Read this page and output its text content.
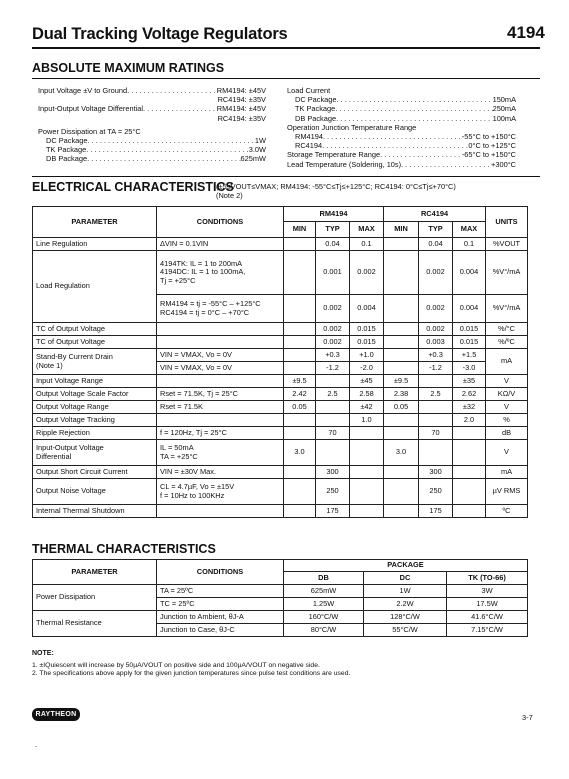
Dual Tracking Voltage Regulators	4194
ABSOLUTE MAXIMUM RATINGS
Input Voltage ±V to Ground . . .	RM4194: ±45V
RC4194: ±35V
Input-Output Voltage Differential . . .	RM4194: ±45V
RC4194: ±35V
Power Dissipation at TA = 25°C
DC Package . . .	1W
TK Package . . .	3.0W
DB Package . . .	625mW
Load Current
DC Package . . .	150mA
TK Package . . .	250mA
DB Package . . .	100mA
Operation Junction Temperature Range
RM4194 . . .	-55°C to +150°C
RC4194 . . .	0°C to +125°C
Storage Temperature Range . . .	-65°C to +150°C
Lead Temperature (Soldering, 10s) . . .	+300°C
ELECTRICAL CHARACTERISTICS
(±5≤VOUT≤VMAX; RM4194: -55°C≤Tj≤+125°C; RC4194: 0°C≤Tj≤+70°C)
(Note 2)
PARAMETER	CONDITIONS	RM4194			RC4194			UNITS
		MIN	TYP	MAX	MIN	TYP	MAX	
Line Regulation	ΔVIN = 0.1VIN		0.04	0.1		0.04	0.1	%VOUT
Load Regulation	4194TK: IL = 1 to 200mA
4194DC: IL = 1 to 100mA,
Tj = +25°C		0.001	0.002		0.002	0.004	%V°/mA
	RM4194 = tj = -55°C – +125°C
RC4194 = tj = 0°C – +70°C		0.002	0.004		0.002	0.004	%V°/mA
TC of Output Voltage			0.002	0.015		0.002	0.015	%/°C
TC of Output Voltage			0.002	0.015		0.003	0.015	%/ºC
Stand-By Current Drain
(Note 1)	VIN = VMAX, Vo = 0V		+0.3	+1.0		+0.3	+1.5	mA
	VIN = VMAX, Vo = 0V		-1.2	-2.0		-1.2	-3.0	
Input Voltage Range		±9.5		±45	±9.5		±35	V
Output Voltage Scale Factor	Rset = 71.5K, Tj = 25°C	2.42	2.5	2.58	2.38	2.5	2.62	KΩ/V
Output Voltage Range	Rset = 71.5K	0.05		±42	0.05		±32	V
Output Voltage Tracking				1.0			2.0	%
Ripple Rejection	f = 120Hz, Tj = 25°C		70			70		dB
Input-Output Voltage
Differential	IL = 50mA
TA = +25°C	3.0			3.0			V
Output Short Circuit Current	VIN = ±30V Max.		300			300		mA
Output Noise Voltage	CL = 4.7µF, Vo = ±15V
f = 10Hz to 100KHz		250			250		µV RMS
Internal Thermal Shutdown			175			175		ºC
THERMAL CHARACTERISTICS
PARAMETER	CONDITIONS	PACKAGE		
		DB	DC	TK (TO-66)
Power Dissipation	TA = 25ºC	625mW	1W	3W
	TC = 25ºC	1.25W	2.2W	17.5W
Thermal Resistance	Junction to Ambient, θJ-A	160°C/W	128°C/W	41.6°C/W
	Junction to Case, θJ-C	80°C/W	55°C/W	7.15°C/W
NOTE:
1. ±IQuiescent will increase by 50µA/VOUT on positive side and 100µA/VOUT on negative side.
2. The specifications above apply for the given junction temperatures since pulse test conditions are used.
RAYTHEON	3-7
.
